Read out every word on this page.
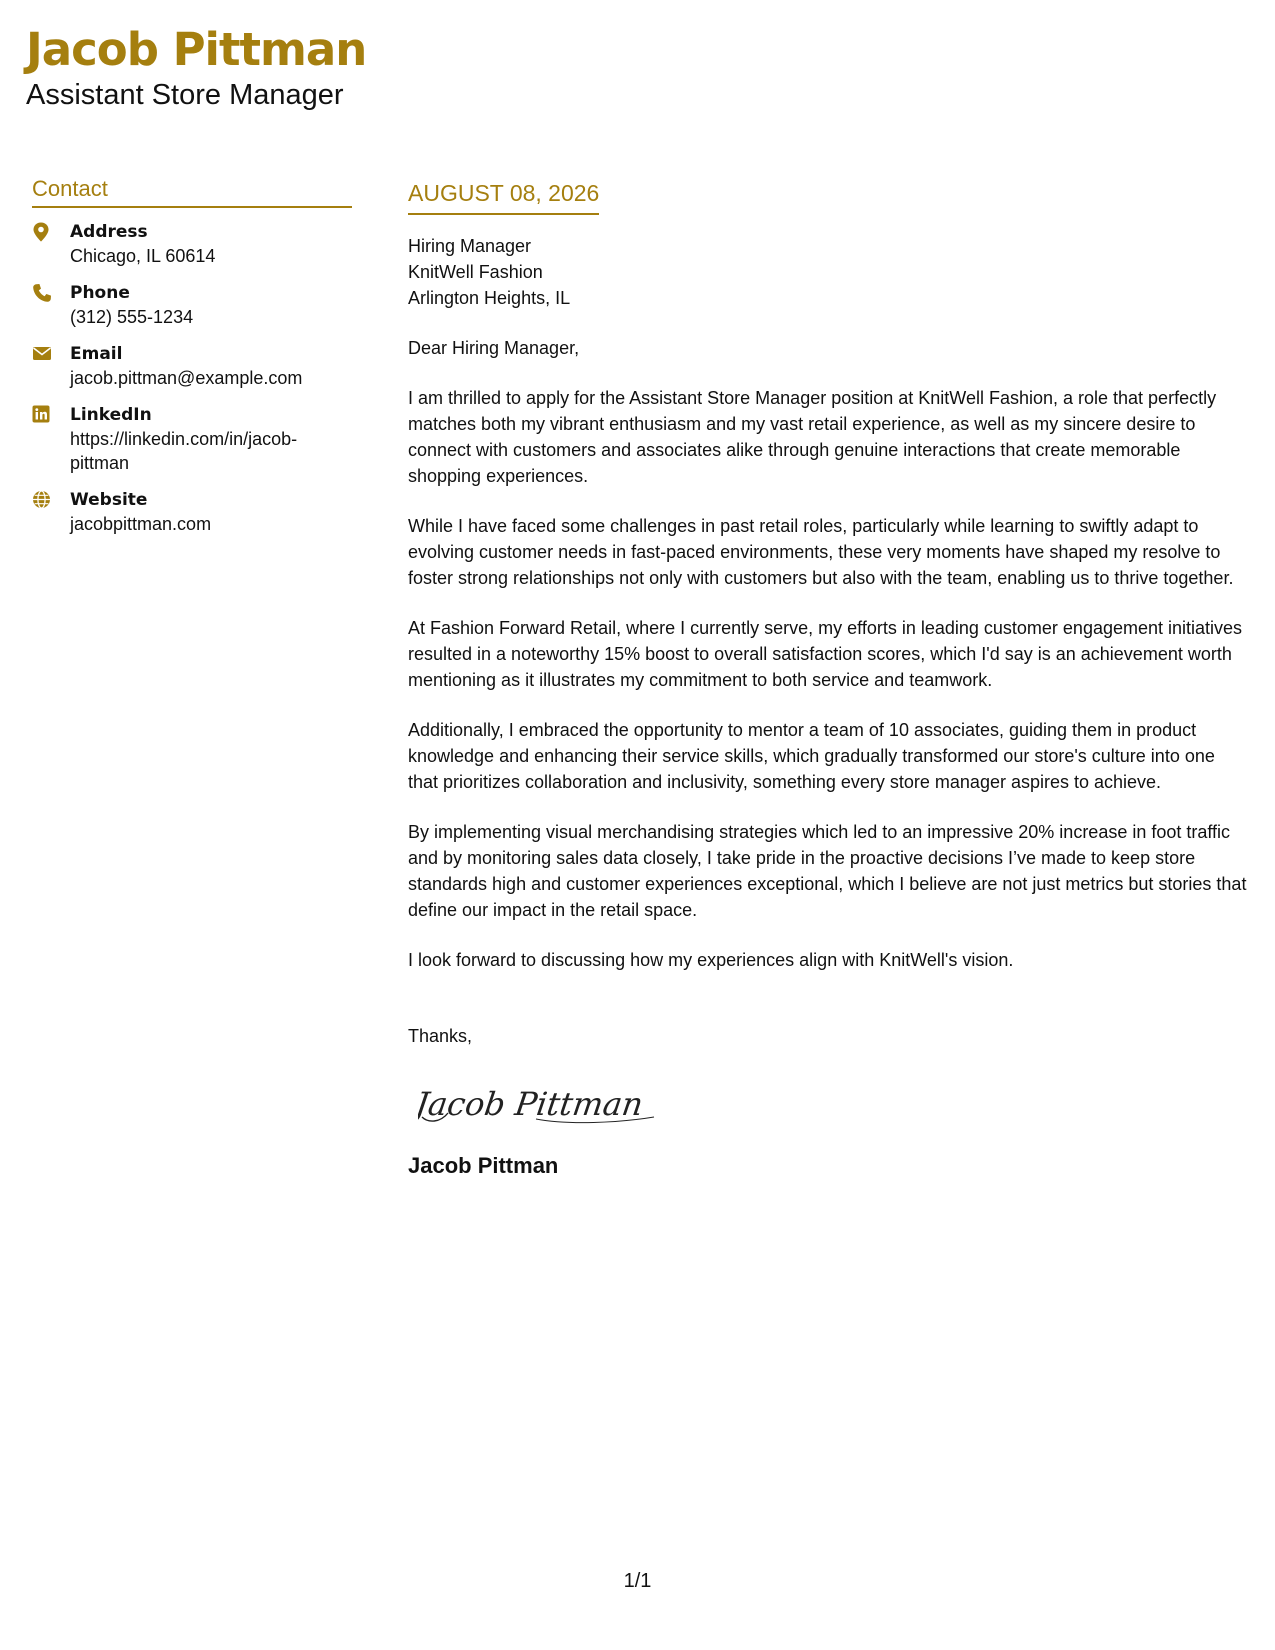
Jacob Pittman
Assistant Store Manager
Contact
Address
Chicago, IL 60614
Phone
(312) 555-1234
Email
jacob.pittman@example.com
LinkedIn
https://linkedin.com/in/jacob-pittman
Website
jacobpittman.com
AUGUST 08, 2026
Hiring Manager
KnitWell Fashion
Arlington Heights, IL
Dear Hiring Manager,
I am thrilled to apply for the Assistant Store Manager position at KnitWell Fashion, a role that perfectly matches both my vibrant enthusiasm and my vast retail experience, as well as my sincere desire to connect with customers and associates alike through genuine interactions that create memorable shopping experiences.
While I have faced some challenges in past retail roles, particularly while learning to swiftly adapt to evolving customer needs in fast-paced environments, these very moments have shaped my resolve to foster strong relationships not only with customers but also with the team, enabling us to thrive together.
At Fashion Forward Retail, where I currently serve, my efforts in leading customer engagement initiatives resulted in a noteworthy 15% boost to overall satisfaction scores, which I'd say is an achievement worth mentioning as it illustrates my commitment to both service and teamwork.
Additionally, I embraced the opportunity to mentor a team of 10 associates, guiding them in product knowledge and enhancing their service skills, which gradually transformed our store's culture into one that prioritizes collaboration and inclusivity, something every store manager aspires to achieve.
By implementing visual merchandising strategies which led to an impressive 20% increase in foot traffic and by monitoring sales data closely, I take pride in the proactive decisions I’ve made to keep store standards high and customer experiences exceptional, which I believe are not just metrics but stories that define our impact in the retail space.
I look forward to discussing how my experiences align with KnitWell's vision.
Thanks,
Jacob Pittman
Jacob Pittman
1/1
